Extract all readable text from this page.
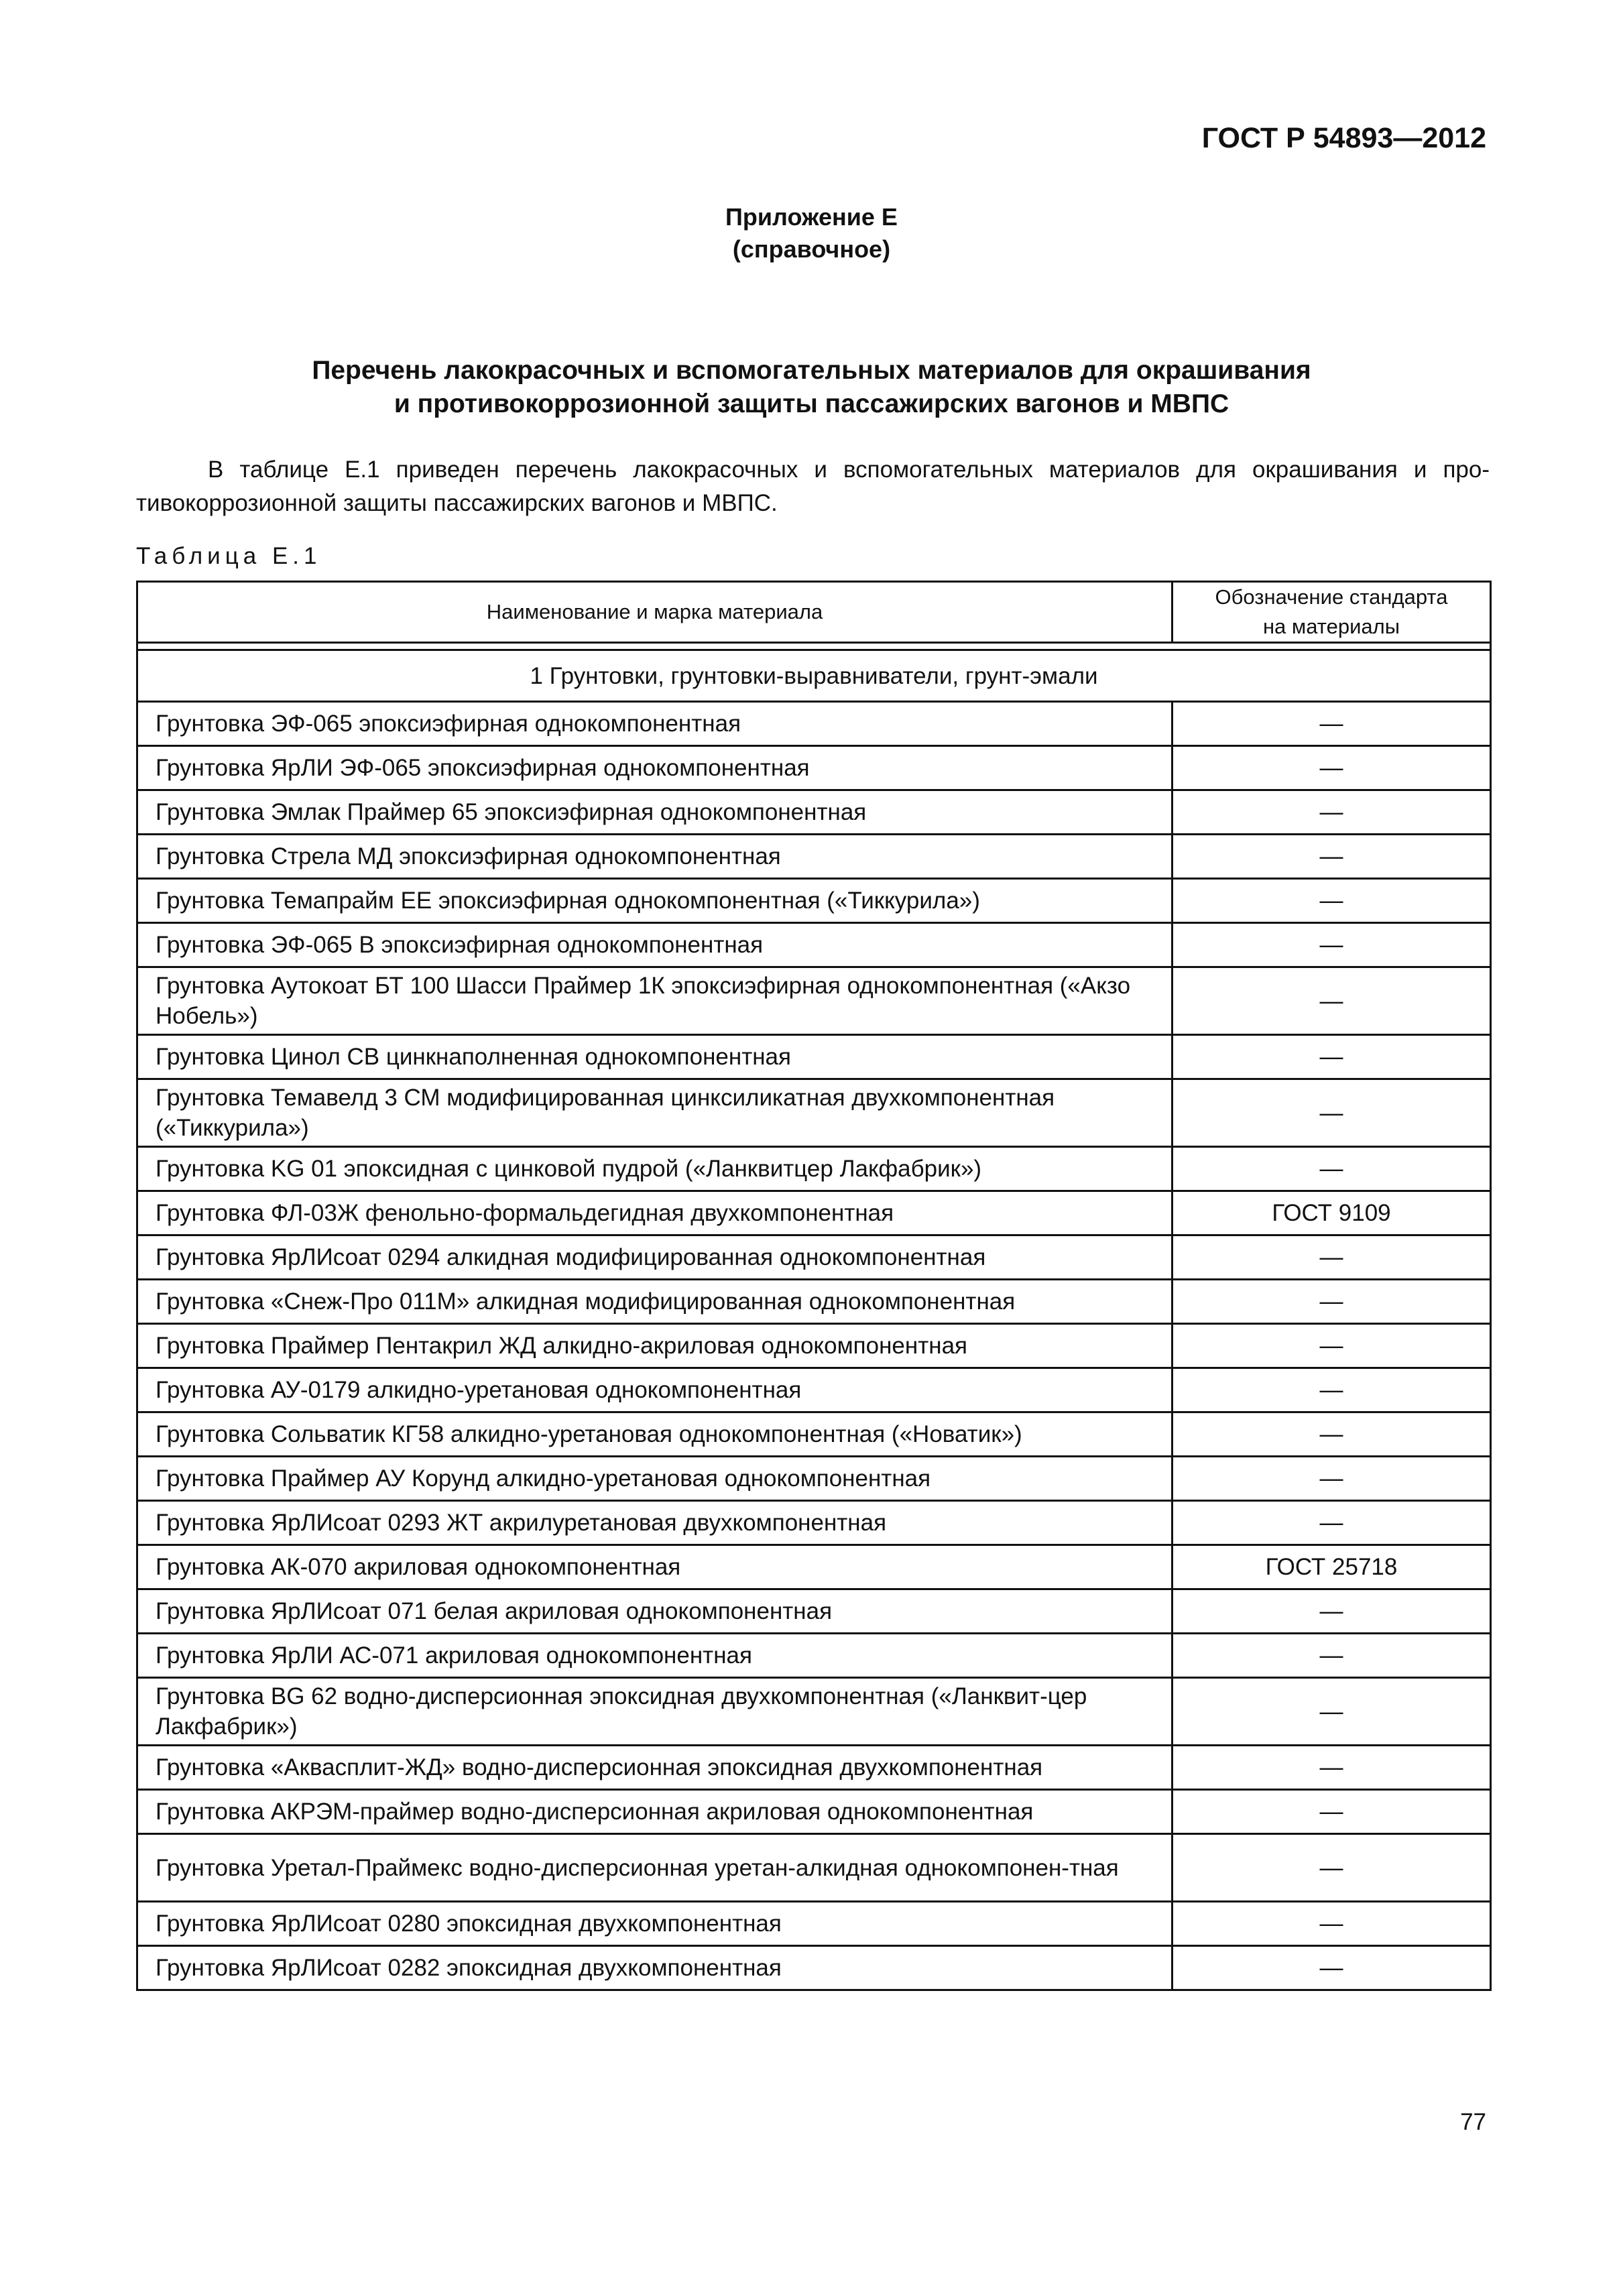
ГОСТ Р 54893—2012
Приложение Е
(справочное)
Перечень лакокрасочных и вспомогательных материалов для окрашивания
и противокоррозионной защиты пассажирских вагонов и МВПС
В таблице Е.1 приведен перечень лакокрасочных и вспомогательных материалов для окрашивания и про-
тивокоррозионной защиты пассажирских вагонов и МВПС.
Таблица Е.1
Наименование и марка материала	Обозначение стандарта
на материалы

1 Грунтовки, грунтовки-выравниватели, грунт-эмали	
Грунтовка ЭФ-065 эпоксиэфирная однокомпонентная	—
Грунтовка ЯрЛИ ЭФ-065 эпоксиэфирная однокомпонентная	—
Грунтовка Эмлак Праймер 65 эпоксиэфирная однокомпонентная	—
Грунтовка Стрела МД эпоксиэфирная однокомпонентная	—
Грунтовка Темапрайм ЕЕ эпоксиэфирная однокомпонентная («Тиккурила»)	—
Грунтовка ЭФ-065 В эпоксиэфирная однокомпонентная	—
Грунтовка Аутокоат БТ 100 Шасси Праймер 1К эпоксиэфирная однокомпонентная («Акзо Нобель»)	—
Грунтовка Цинол СВ цинкнаполненная однокомпонентная	—
Грунтовка Темавелд 3 СМ модифицированная цинксиликатная двухкомпонентная («Тиккурила»)	—
Грунтовка KG 01 эпоксидная с цинковой пудрой («Ланквитцер Лакфабрик»)	—
Грунтовка ФЛ-03Ж фенольно-формальдегидная двухкомпонентная	ГОСТ 9109
Грунтовка ЯрЛИсоат 0294 алкидная модифицированная однокомпонентная	—
Грунтовка «Снеж-Про 011М» алкидная модифицированная однокомпонентная	—
Грунтовка Праймер Пентакрил ЖД алкидно-акриловая однокомпонентная	—
Грунтовка АУ-0179 алкидно-уретановая однокомпонентная	—
Грунтовка Сольватик КГ58 алкидно-уретановая однокомпонентная («Новатик»)	—
Грунтовка Праймер АУ Корунд алкидно-уретановая однокомпонентная	—
Грунтовка ЯрЛИсоат 0293 ЖТ акрилуретановая двухкомпонентная	—
Грунтовка АК-070 акриловая однокомпонентная	ГОСТ 25718
Грунтовка ЯрЛИсоат 071 белая акриловая однокомпонентная	—
Грунтовка ЯрЛИ АС-071 акриловая однокомпонентная	—
Грунтовка BG 62 водно-дисперсионная эпоксидная двухкомпонентная («Ланквит-цер Лакфабрик»)	—
Грунтовка «Аквасплит-ЖД» водно-дисперсионная эпоксидная двухкомпонентная	—
Грунтовка АКРЭМ-праймер водно-дисперсионная акриловая однокомпонентная	—
Грунтовка Уретал-Праймекс водно-дисперсионная уретан-алкидная однокомпонен-тная	—
Грунтовка ЯрЛИсоат 0280 эпоксидная двухкомпонентная	—
Грунтовка ЯрЛИсоат 0282 эпоксидная двухкомпонентная	—
77
